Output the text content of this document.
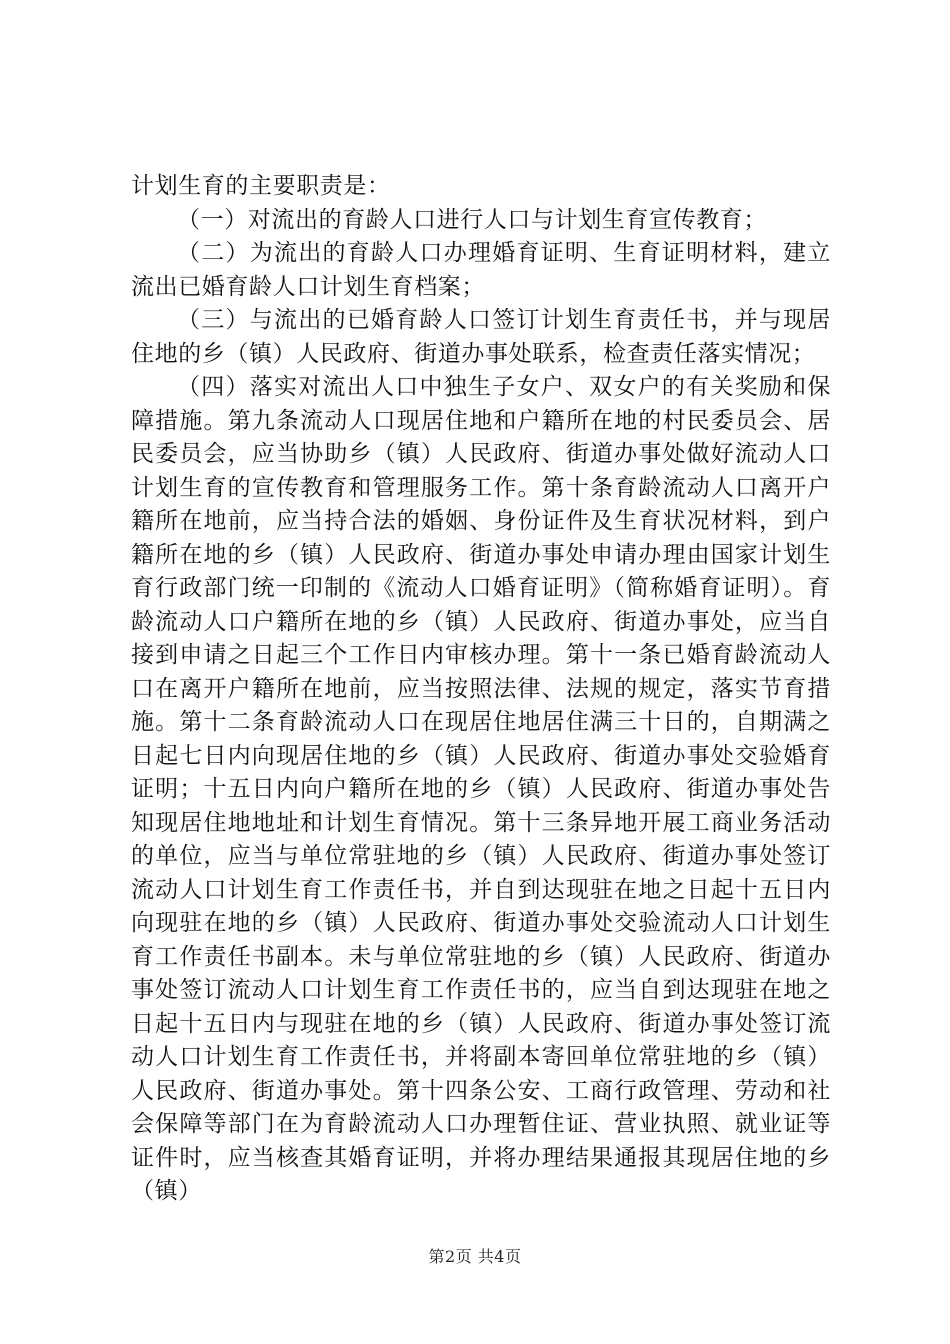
计划生育的主要职责是：

（一）对流出的育龄人口进行人口与计划生育宣传教育；

（二）为流出的育龄人口办理婚育证明、生育证明材料，建立流出已婚育龄人口计划生育档案；

（三）与流出的已婚育龄人口签订计划生育责任书，并与现居住地的乡（镇）人民政府、街道办事处联系，检查责任落实情况；

（四）落实对流出人口中独生子女户、双女户的有关奖励和保障措施。第九条流动人口现居住地和户籍所在地的村民委员会、居民委员会，应当协助乡（镇）人民政府、街道办事处做好流动人口计划生育的宣传教育和管理服务工作。第十条育龄流动人口离开户籍所在地前，应当持合法的婚姻、身份证件及生育状况材料，到户籍所在地的乡（镇）人民政府、街道办事处申请办理由国家计划生育行政部门统一印制的《流动人口婚育证明》（简称婚育证明）。育龄流动人口户籍所在地的乡（镇）人民政府、街道办事处，应当自接到申请之日起三个工作日内审核办理。第十一条已婚育龄流动人口在离开户籍所在地前，应当按照法律、法规的规定，落实节育措施。第十二条育龄流动人口在现居住地居住满三十日的，自期满之日起七日内向现居住地的乡（镇）人民政府、街道办事处交验婚育证明；十五日内向户籍所在地的乡（镇）人民政府、街道办事处告知现居住地地址和计划生育情况。第十三条异地开展工商业务活动的单位，应当与单位常驻地的乡（镇）人民政府、街道办事处签订流动人口计划生育工作责任书，并自到达现驻在地之日起十五日内向现驻在地的乡（镇）人民政府、街道办事处交验流动人口计划生育工作责任书副本。未与单位常驻地的乡（镇）人民政府、街道办事处签订流动人口计划生育工作责任书的，应当自到达现驻在地之日起十五日内与现驻在地的乡（镇）人民政府、街道办事处签订流动人口计划生育工作责任书，并将副本寄回单位常驻地的乡（镇）人民政府、街道办事处。第十四条公安、工商行政管理、劳动和社会保障等部门在为育龄流动人口办理暂住证、营业执照、就业证等证件时，应当核查其婚育证明，并将办理结果通报其现居住地的乡（镇）

第2页 共4页
